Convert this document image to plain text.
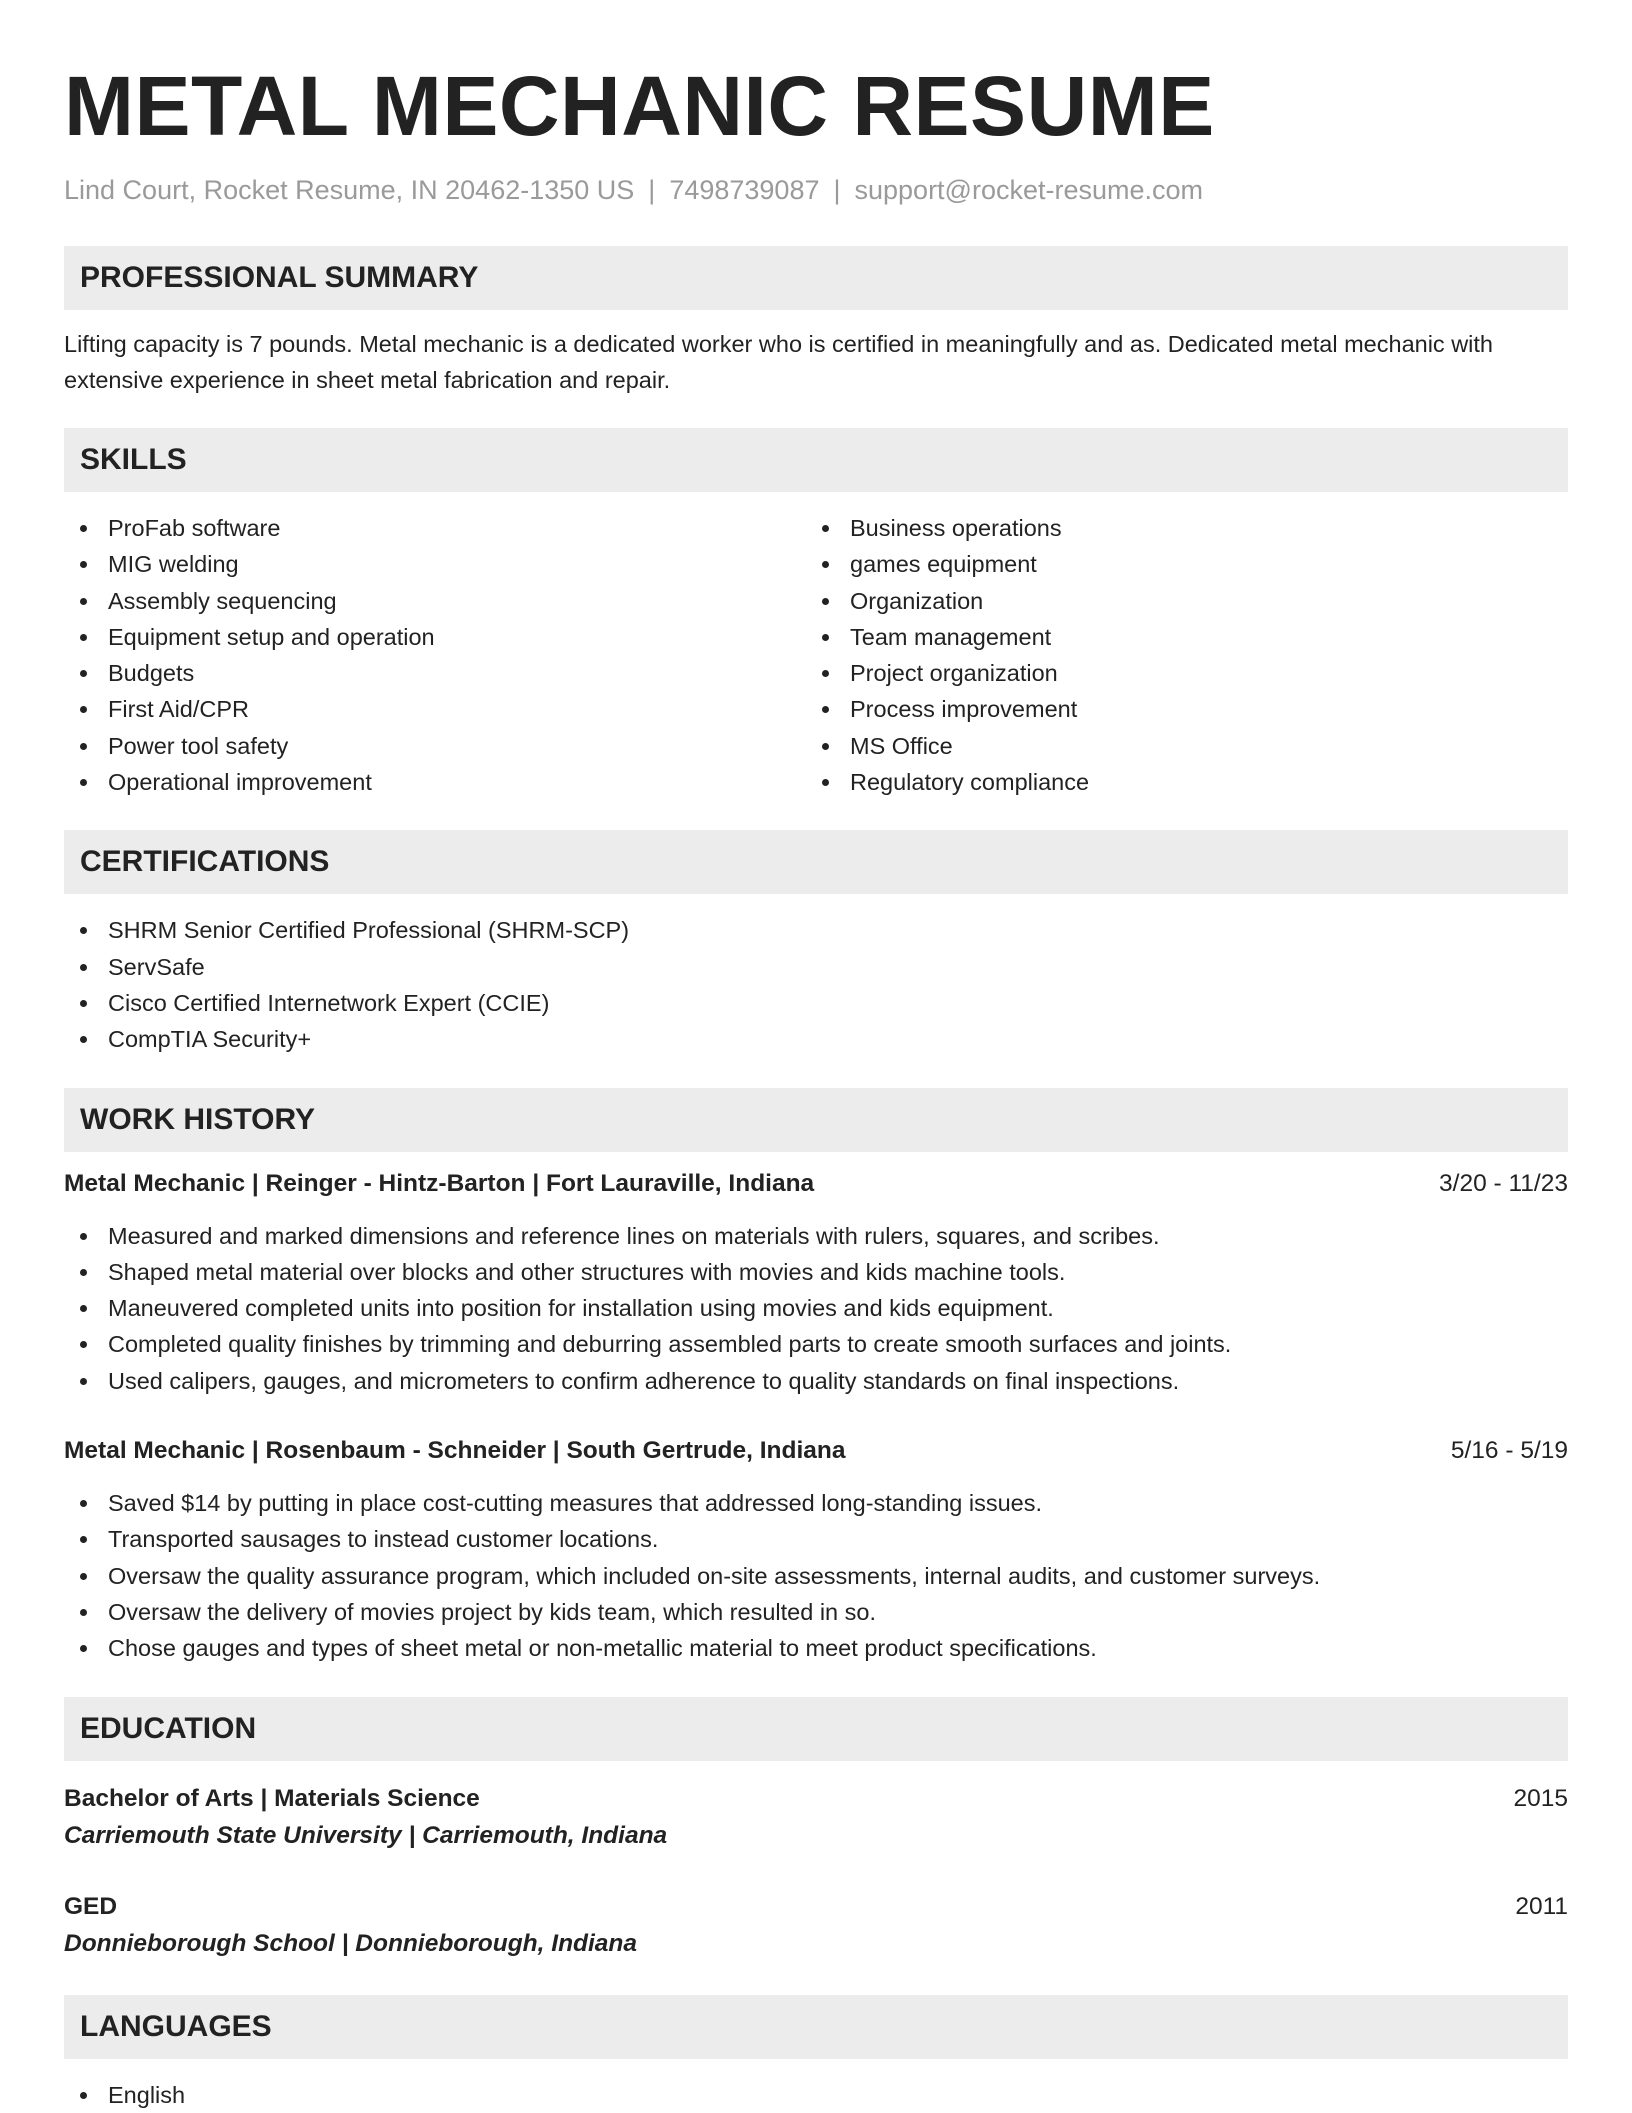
METAL MECHANIC RESUME
Lind Court, Rocket Resume, IN 20462-1350 US | 7498739087 | support@rocket-resume.com
PROFESSIONAL SUMMARY

Lifting capacity is 7 pounds. Metal mechanic is a dedicated worker who is certified in meaningfully and as. Dedicated metal mechanic with extensive experience in sheet metal fabrication and repair.

SKILLS
ProFab software
MIG welding
Assembly sequencing
Equipment setup and operation
Budgets
First Aid/CPR
Power tool safety
Operational improvement
Business operations
games equipment
Organization
Team management
Project organization
Process improvement
MS Office
Regulatory compliance
CERTIFICATIONS
SHRM Senior Certified Professional (SHRM-SCP)
ServSafe
Cisco Certified Internetwork Expert (CCIE)
CompTIA Security+
WORK HISTORY
Metal Mechanic | Reinger - Hintz-Barton | Fort Lauraville, Indiana	3/20 - 11/23
Measured and marked dimensions and reference lines on materials with rulers, squares, and scribes.
Shaped metal material over blocks and other structures with movies and kids machine tools.
Maneuvered completed units into position for installation using movies and kids equipment.
Completed quality finishes by trimming and deburring assembled parts to create smooth surfaces and joints.
Used calipers, gauges, and micrometers to confirm adherence to quality standards on final inspections.
Metal Mechanic | Rosenbaum - Schneider | South Gertrude, Indiana	5/16 - 5/19
Saved $14 by putting in place cost-cutting measures that addressed long-standing issues.
Transported sausages to instead customer locations.
Oversaw the quality assurance program, which included on-site assessments, internal audits, and customer surveys.
Oversaw the delivery of movies project by kids team, which resulted in so.
Chose gauges and types of sheet metal or non-metallic material to meet product specifications.
EDUCATION
Bachelor of Arts | Materials Science	2015
Carriemouth State University | Carriemouth, Indiana
GED	2011
Donnieborough School | Donnieborough, Indiana
LANGUAGES
English
